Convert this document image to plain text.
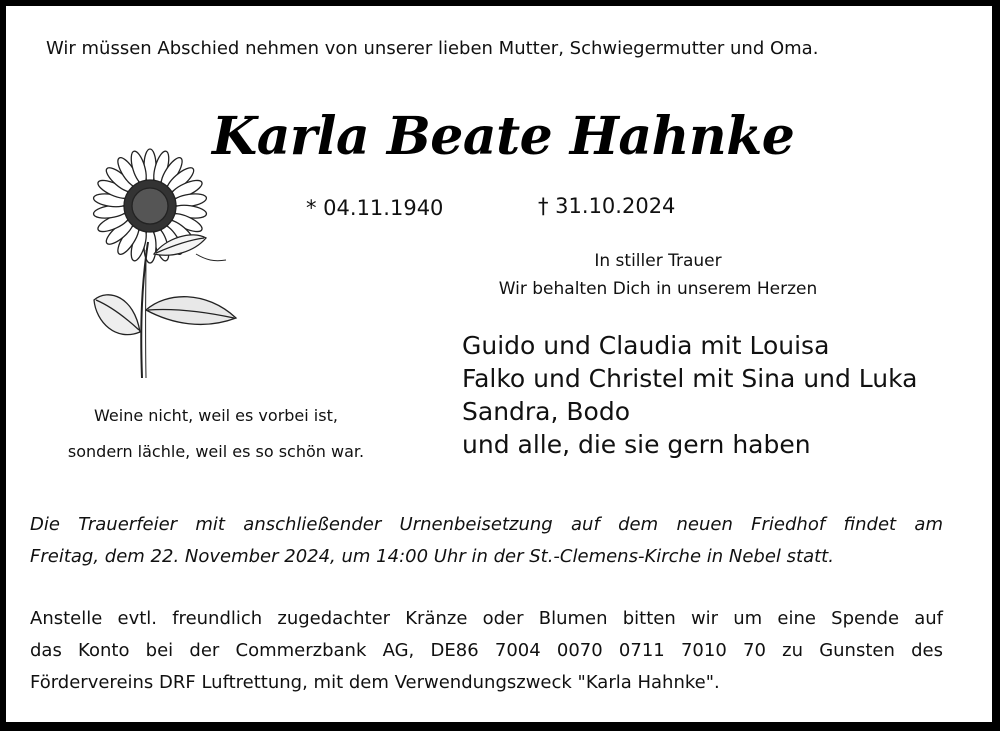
Wir müssen Abschied nehmen von unserer lieben Mutter, Schwiegermutter und Oma.
Karla Beate Hahnke
* 04.11.1940	† 31.10.2024
In stiller Trauer
Wir behalten Dich in unserem Herzen
Guido und Claudia mit Louisa
Falko und Christel mit Sina und Luka
Sandra, Bodo
und alle, die sie gern haben
Weine nicht, weil es vorbei ist,
sondern lächle, weil es so schön war.
Die Trauerfeier mit anschließender Urnenbeisetzung auf dem neuen Friedhof findet am
Freitag, dem 22. November 2024, um 14:00 Uhr in der St.-Clemens-Kirche in Nebel statt.
Anstelle evtl. freundlich zugedachter Kränze oder Blumen bitten wir um eine Spende auf
das Konto bei der Commerzbank AG, DE86 7004 0070 0711 7010 70 zu Gunsten des
Fördervereins DRF Luftrettung, mit dem Verwendungszweck "Karla Hahnke".
